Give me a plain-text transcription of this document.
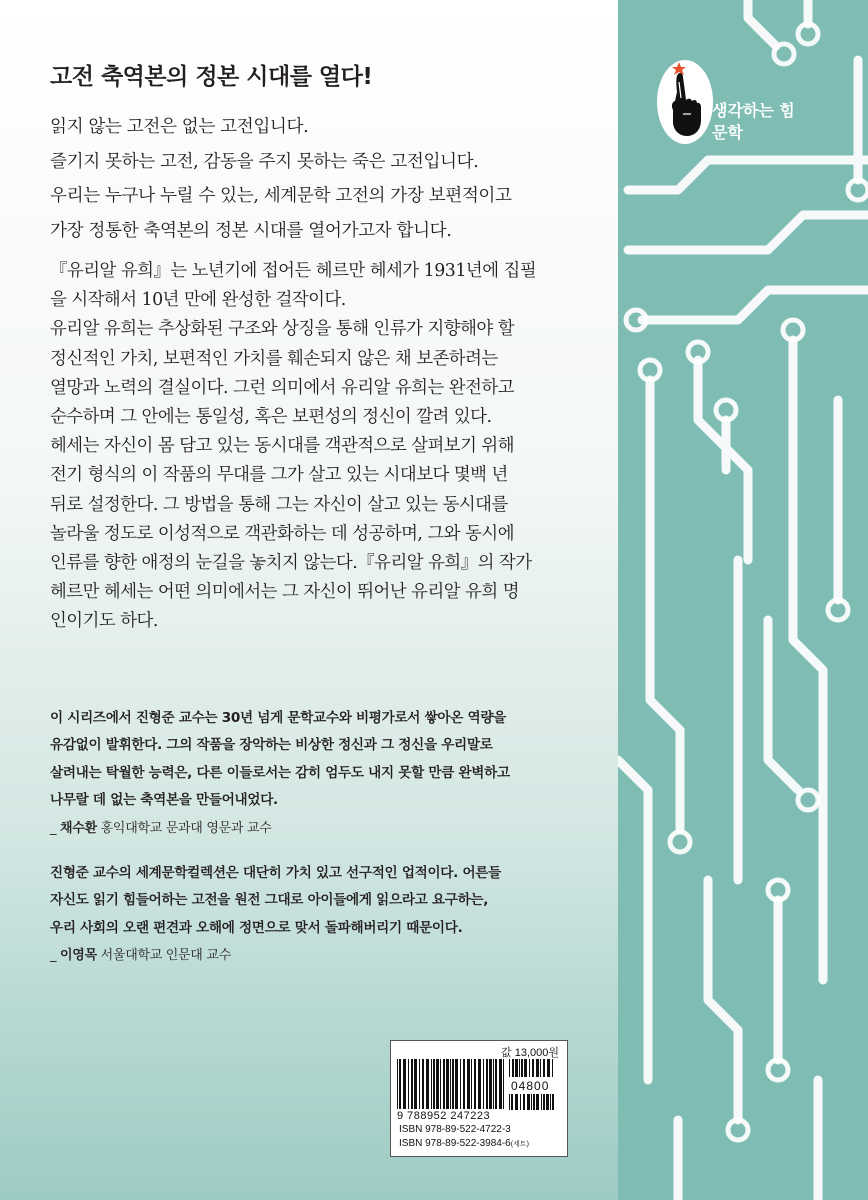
생각하는 힘
문학
고전 축역본의 정본 시대를 열다!
읽지 않는 고전은 없는 고전입니다.
즐기지 못하는 고전, 감동을 주지 못하는 죽은 고전입니다.
우리는 누구나 누릴 수 있는, 세계문학 고전의 가장 보편적이고
가장 정통한 축역본의 정본 시대를 열어가고자 합니다.
『유리알 유희』는 노년기에 접어든 헤르만 헤세가 1931년에 집필
을 시작해서 10년 만에 완성한 걸작이다.
유리알 유희는 추상화된 구조와 상징을 통해 인류가 지향해야 할
정신적인 가치, 보편적인 가치를 훼손되지 않은 채 보존하려는
열망과 노력의 결실이다. 그런 의미에서 유리알 유희는 완전하고
순수하며 그 안에는 통일성, 혹은 보편성의 정신이 깔려 있다.
헤세는 자신이 몸 담고 있는 동시대를 객관적으로 살펴보기 위해
전기 형식의 이 작품의 무대를 그가 살고 있는 시대보다 몇백 년
뒤로 설정한다. 그 방법을 통해 그는 자신이 살고 있는 동시대를
놀라울 정도로 이성적으로 객관화하는 데 성공하며, 그와 동시에
인류를 향한 애정의 눈길을 놓치지 않는다.『유리알 유희』의 작가
헤르만 헤세는 어떤 의미에서는 그 자신이 뛰어난 유리알 유희 명
인이기도 하다.
이 시리즈에서 진형준 교수는 30년 넘게 문학교수와 비평가로서 쌓아온 역량을
유감없이 발휘한다. 그의 작품을 장악하는 비상한 정신과 그 정신을 우리말로
살려내는 탁월한 능력은, 다른 이들로서는 감히 엄두도 내지 못할 만큼 완벽하고
나무랄 데 없는 축역본을 만들어내었다.
_ 채수환 홍익대학교 문과대 영문과 교수
진형준 교수의 세계문학컬렉션은 대단히 가치 있고 선구적인 업적이다. 어른들
자신도 읽기 힘들어하는 고전을 원전 그대로 아이들에게 읽으라고 요구하는,
우리 사회의 오랜 편견과 오해에 정면으로 맞서 돌파해버리기 때문이다.
_ 이영목 서울대학교 인문대 교수
값 13,000원
04800
9 788952 247223
ISBN 978-89-522-4722-3
ISBN 978-89-522-3984-6(세트)
